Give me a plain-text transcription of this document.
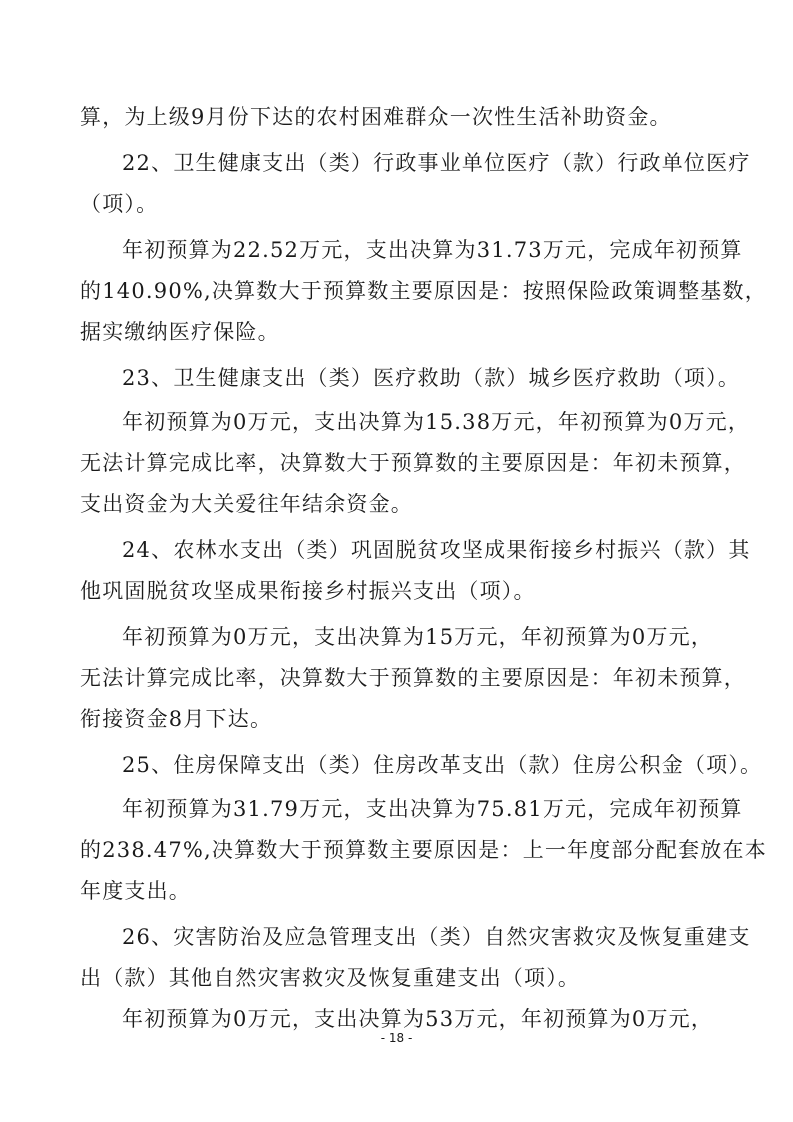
算，为上级9月份下达的农村困难群众一次性生活补助资金。
22、卫生健康支出（类）行政事业单位医疗（款）行政单位医疗
（项）。
年初预算为22.52万元，支出决算为31.73万元，完成年初预算
的140.90%,决算数大于预算数主要原因是：按照保险政策调整基数，
据实缴纳医疗保险。
23、卫生健康支出（类）医疗救助（款）城乡医疗救助（项）。
年初预算为0万元，支出决算为15.38万元，年初预算为0万元，
无法计算完成比率，决算数大于预算数的主要原因是：年初未预算，
支出资金为大关爱往年结余资金。
24、农林水支出（类）巩固脱贫攻坚成果衔接乡村振兴（款）其
他巩固脱贫攻坚成果衔接乡村振兴支出（项）。
年初预算为0万元，支出决算为15万元，年初预算为0万元，
无法计算完成比率，决算数大于预算数的主要原因是：年初未预算，
衔接资金8月下达。
25、住房保障支出（类）住房改革支出（款）住房公积金（项）。
年初预算为31.79万元，支出决算为75.81万元，完成年初预算
的238.47%,决算数大于预算数主要原因是：上一年度部分配套放在本
年度支出。
26、灾害防治及应急管理支出（类）自然灾害救灾及恢复重建支
出（款）其他自然灾害救灾及恢复重建支出（项）。
年初预算为0万元，支出决算为53万元，年初预算为0万元，
- 18 -
